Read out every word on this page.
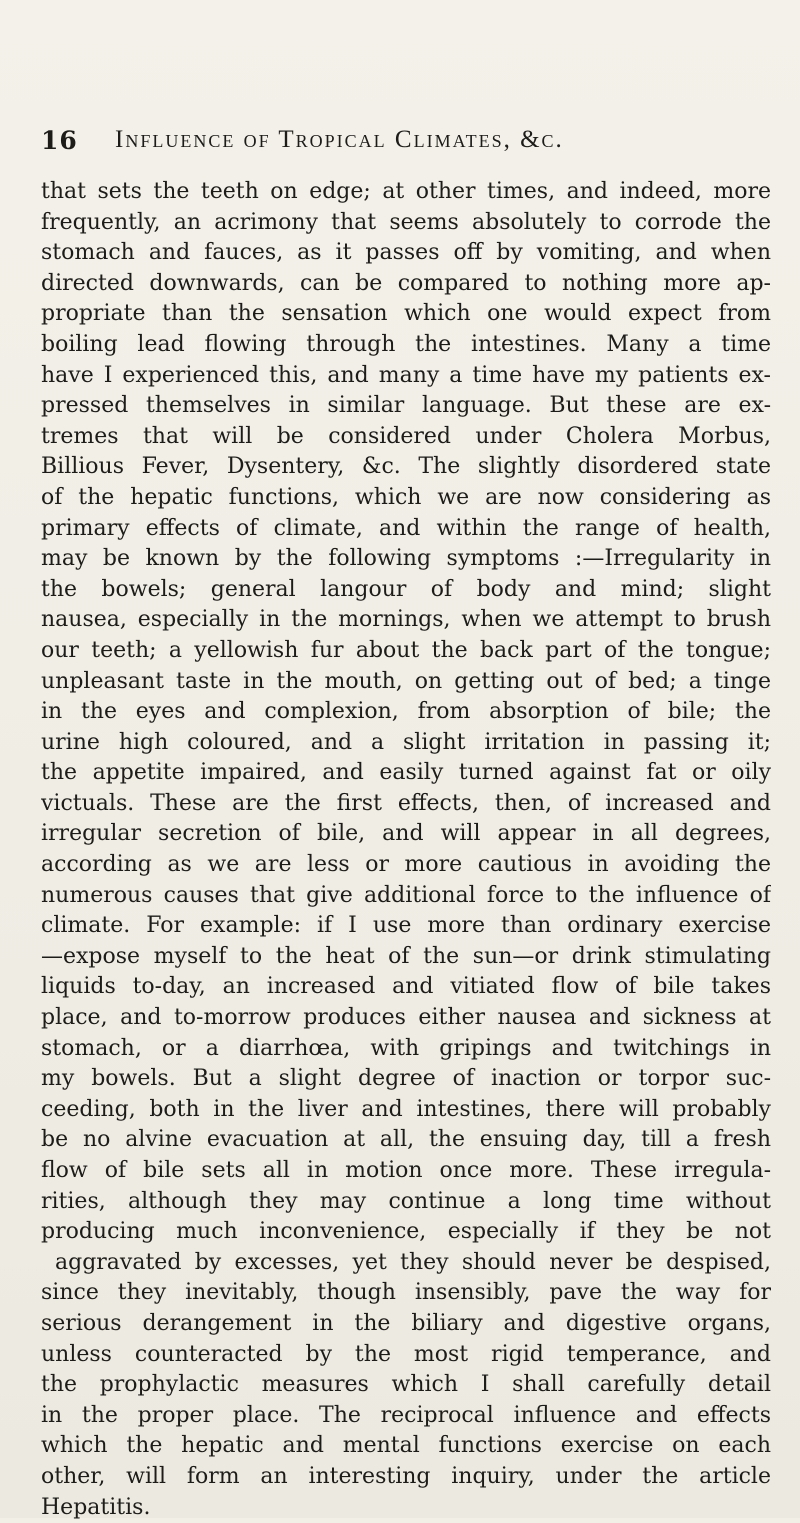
16 Influence of Tropical Climates, &c.
that sets the teeth on edge; at other times, and indeed, more
frequently, an acrimony that seems absolutely to corrode the
stomach and fauces, as it passes off by vomiting, and when
directed downwards, can be compared to nothing more ap-
propriate than the sensation which one would expect from
boiling lead flowing through the intestines. Many a time
have I experienced this, and many a time have my patients ex-
pressed themselves in similar language. But these are ex-
tremes that will be considered under Cholera Morbus,
Billious Fever, Dysentery, &c. The slightly disordered state
of the hepatic functions, which we are now considering as
primary effects of climate, and within the range of health,
may be known by the following symptoms :—Irregularity in
the bowels; general langour of body and mind; slight
nausea, especially in the mornings, when we attempt to brush
our teeth; a yellowish fur about the back part of the tongue;
unpleasant taste in the mouth, on getting out of bed; a tinge
in the eyes and complexion, from absorption of bile; the
urine high coloured, and a slight irritation in passing it;
the appetite impaired, and easily turned against fat or oily
victuals. These are the first effects, then, of increased and
irregular secretion of bile, and will appear in all degrees,
according as we are less or more cautious in avoiding the
numerous causes that give additional force to the influence of
climate. For example: if I use more than ordinary exercise
—expose myself to the heat of the sun—or drink stimulating
liquids to-day, an increased and vitiated flow of bile takes
place, and to-morrow produces either nausea and sickness at
stomach, or a diarrhœa, with gripings and twitchings in
my bowels. But a slight degree of inaction or torpor suc-
ceeding, both in the liver and intestines, there will probably
be no alvine evacuation at all, the ensuing day, till a fresh
flow of bile sets all in motion once more. These irregula-
rities, although they may continue a long time without
producing much inconvenience, especially if they be not
aggravated by excesses, yet they should never be despised,
since they inevitably, though insensibly, pave the way for
serious derangement in the biliary and digestive organs,
unless counteracted by the most rigid temperance, and
the prophylactic measures which I shall carefully detail
in the proper place. The reciprocal influence and effects
which the hepatic and mental functions exercise on each
other, will form an interesting inquiry, under the article
Hepatitis.
